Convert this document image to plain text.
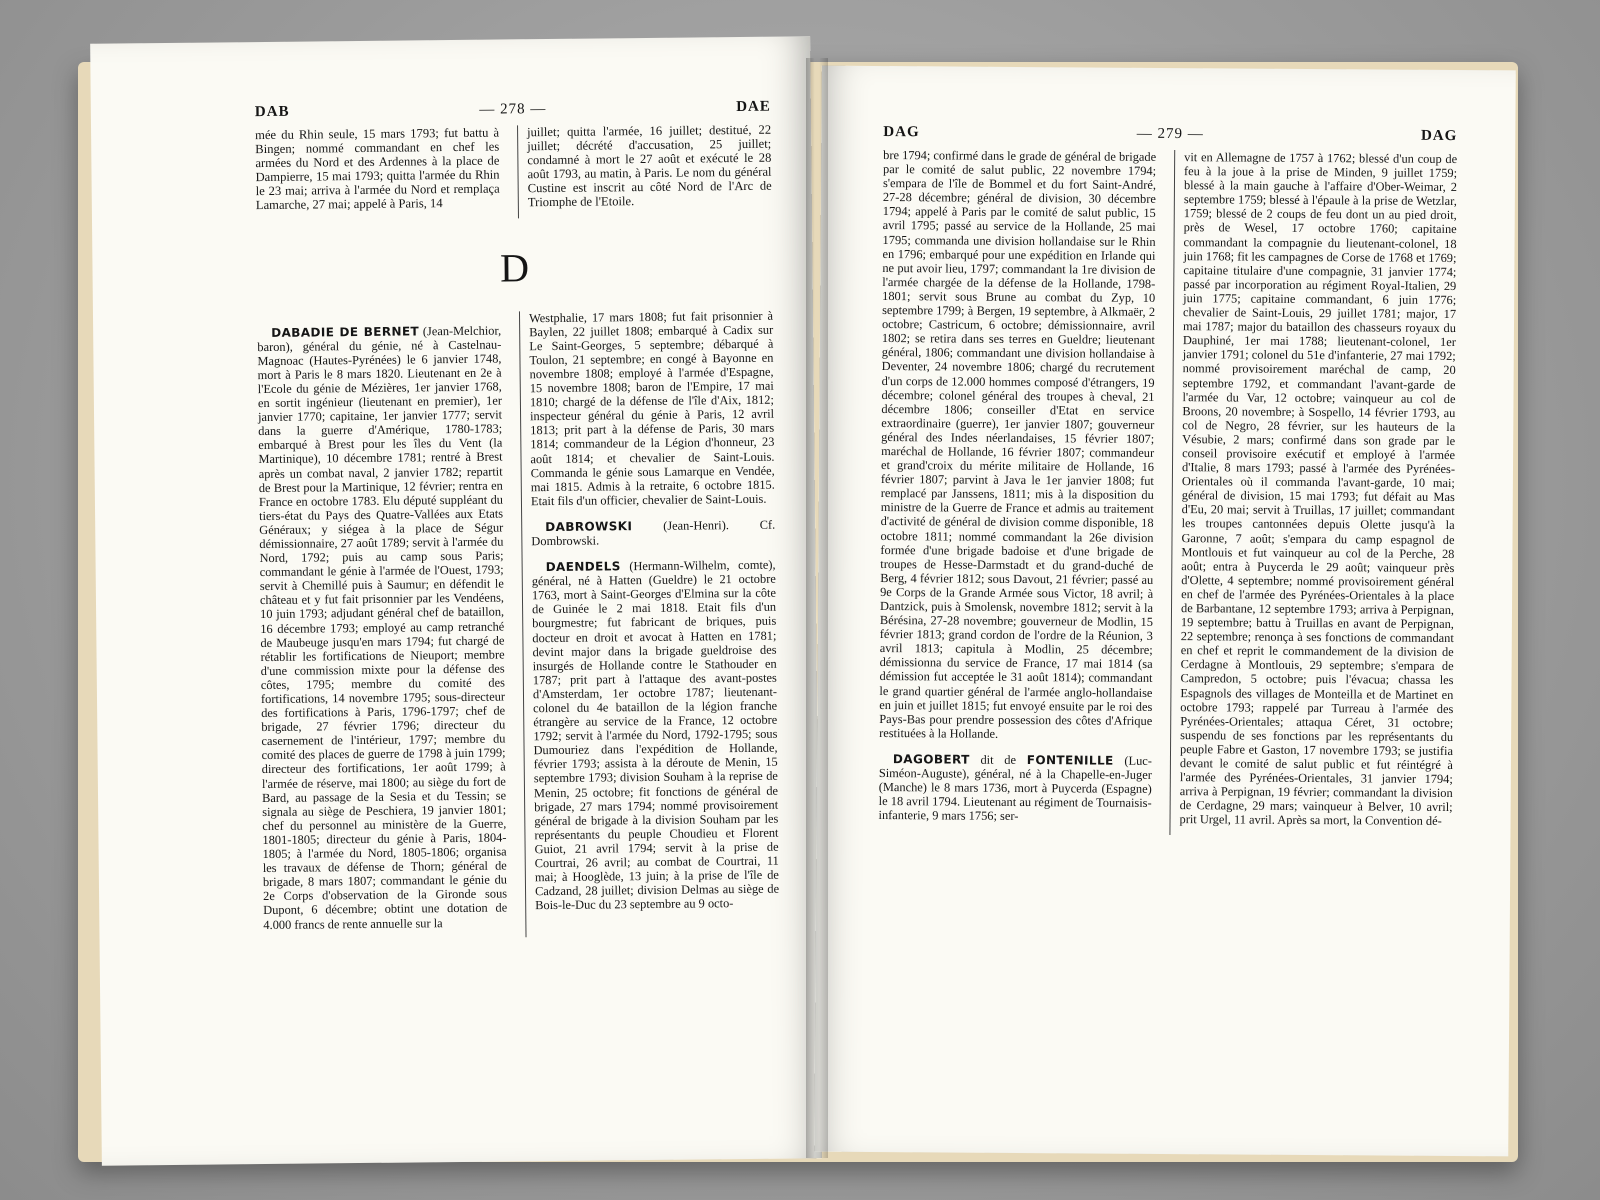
DAB	— 278 —	DAE

mée du Rhin seule, 15 mars 1793; fut battu à Bingen; nommé commandant en chef les armées du Nord et des Ardennes à la place de Dampierre, 15 mai 1793; quitta l'armée du Rhin le 23 mai; arriva à l'armée du Nord et remplaça Lamarche, 27 mai; appelé à Paris, 14

juillet; quitta l'armée, 16 juillet; destitué, 22 juillet; décrété d'accusation, 25 juillet; condamné à mort le 27 août et exécuté le 28 août 1793, au matin, à Paris. Le nom du général Custine est inscrit au côté Nord de l'Arc de Triomphe de l'Etoile.

D

DABADIE DE BERNET (Jean-Melchior, baron), général du génie, né à Castelnau-Magnoac (Hautes-Pyrénées) le 6 janvier 1748, mort à Paris le 8 mars 1820. Lieutenant en 2e à l'Ecole du génie de Mézières, 1er janvier 1768, en sortit ingénieur (lieutenant en premier), 1er janvier 1770; capitaine, 1er janvier 1777; servit dans la guerre d'Amérique, 1780-1783; embarqué à Brest pour les îles du Vent (la Martinique), 10 décembre 1781; rentré à Brest après un combat naval, 2 janvier 1782; repartit de Brest pour la Martinique, 12 février; rentra en France en octobre 1783. Elu député suppléant du tiers-état du Pays des Quatre-Vallées aux Etats Généraux; y siégea à la place de Ségur démissionnaire, 27 août 1789; servit à l'armée du Nord, 1792; puis au camp sous Paris; commandant le génie à l'armée de l'Ouest, 1793; servit à Chemillé puis à Saumur; en défendit le château et y fut fait prisonnier par les Vendéens, 10 juin 1793; adjudant général chef de bataillon, 16 décembre 1793; employé au camp retranché de Maubeuge jusqu'en mars 1794; fut chargé de rétablir les fortifications de Nieuport; membre d'une commission mixte pour la défense des côtes, 1795; membre du comité des fortifications, 14 novembre 1795; sous-directeur des fortifications à Paris, 1796-1797; chef de brigade, 27 février 1796; directeur du casernement de l'intérieur, 1797; membre du comité des places de guerre de 1798 à juin 1799; directeur des fortifications, 1er août 1799; à l'armée de réserve, mai 1800; au siège du fort de Bard, au passage de la Sesia et du Tessin; se signala au siège de Peschiera, 19 janvier 1801; chef du personnel au ministère de la Guerre, 1801-1805; directeur du génie à Paris, 1804-1805; à l'armée du Nord, 1805-1806; organisa les travaux de défense de Thorn; général de brigade, 8 mars 1807; commandant le génie du 2e Corps d'observation de la Gironde sous Dupont, 6 décembre; obtint une dotation de 4.000 francs de rente annuelle sur la

Westphalie, 17 mars 1808; fut fait prisonnier à Baylen, 22 juillet 1808; embarqué à Cadix sur Le Saint-Georges, 5 septembre; débarqué à Toulon, 21 septembre; en congé à Bayonne en novembre 1808; employé à l'armée d'Espagne, 15 novembre 1808; baron de l'Empire, 17 mai 1810; chargé de la défense de l'île d'Aix, 1812; inspecteur général du génie à Paris, 12 avril 1813; prit part à la défense de Paris, 30 mars 1814; commandeur de la Légion d'honneur, 23 août 1814; et chevalier de Saint-Louis. Commanda le génie sous Lamarque en Vendée, mai 1815. Admis à la retraite, 6 octobre 1815. Etait fils d'un officier, chevalier de Saint-Louis.

DABROWSKI (Jean-Henri). Cf. Dombrowski.

DAENDELS (Hermann-Wilhelm, comte), général, né à Hatten (Gueldre) le 21 octobre 1763, mort à Saint-Georges d'Elmina sur la côte de Guinée le 2 mai 1818. Etait fils d'un bourgmestre; fut fabricant de briques, puis docteur en droit et avocat à Hatten en 1781; devint major dans la brigade gueldroise des insurgés de Hollande contre le Stathouder en 1787; prit part à l'attaque des avant-postes d'Amsterdam, 1er octobre 1787; lieutenant-colonel du 4e bataillon de la légion franche étrangère au service de la France, 12 octobre 1792; servit à l'armée du Nord, 1792-1795; sous Dumouriez dans l'expédition de Hollande, février 1793; assista à la déroute de Menin, 15 septembre 1793; division Souham à la reprise de Menin, 25 octobre; fit fonctions de général de brigade, 27 mars 1794; nommé provisoirement général de brigade à la division Souham par les représentants du peuple Choudieu et Florent Guiot, 21 avril 1794; servit à la prise de Courtrai, 26 avril; au combat de Courtrai, 11 mai; à Hooglède, 13 juin; à la prise de l'île de Cadzand, 28 juillet; division Delmas au siège de Bois-le-Duc du 23 septembre au 9 octo-

DAG	— 279 —	DAG

bre 1794; confirmé dans le grade de général de brigade par le comité de salut public, 22 novembre 1794; s'empara de l'île de Bommel et du fort Saint-André, 27-28 décembre; général de division, 30 décembre 1794; appelé à Paris par le comité de salut public, 15 avril 1795; passé au service de la Hollande, 25 mai 1795; commanda une division hollandaise sur le Rhin en 1796; embarqué pour une expédition en Irlande qui ne put avoir lieu, 1797; commandant la 1re division de l'armée chargée de la défense de la Hollande, 1798-1801; servit sous Brune au combat du Zyp, 10 septembre 1799; à Bergen, 19 septembre, à Alkmaër, 2 octobre; Castricum, 6 octobre; démissionnaire, avril 1802; se retira dans ses terres en Gueldre; lieutenant général, 1806; commandant une division hollandaise à Deventer, 24 novembre 1806; chargé du recrutement d'un corps de 12.000 hommes composé d'étrangers, 19 décembre; colonel général des troupes à cheval, 21 décembre 1806; conseiller d'Etat en service extraordinaire (guerre), 1er janvier 1807; gouverneur général des Indes néerlandaises, 15 février 1807; maréchal de Hollande, 16 février 1807; commandeur et grand'croix du mérite militaire de Hollande, 16 février 1807; parvint à Java le 1er janvier 1808; fut remplacé par Janssens, 1811; mis à la disposition du ministre de la Guerre de France et admis au traitement d'activité de général de division comme disponible, 18 octobre 1811; nommé commandant la 26e division formée d'une brigade badoise et d'une brigade de troupes de Hesse-Darmstadt et du grand-duché de Berg, 4 février 1812; sous Davout, 21 février; passé au 9e Corps de la Grande Armée sous Victor, 18 avril; à Dantzick, puis à Smolensk, novembre 1812; servit à la Bérésina, 27-28 novembre; gouverneur de Modlin, 15 février 1813; grand cordon de l'ordre de la Réunion, 3 avril 1813; capitula à Modlin, 25 décembre; démissionna du service de France, 17 mai 1814 (sa démission fut acceptée le 31 août 1814); commandant le grand quartier général de l'armée anglo-hollandaise en juin et juillet 1815; fut envoyé ensuite par le roi des Pays-Bas pour prendre possession des côtes d'Afrique restituées à la Hollande.

DAGOBERT dit de FONTENILLE (Luc-Siméon-Auguste), général, né à la Chapelle-en-Juger (Manche) le 8 mars 1736, mort à Puycerda (Espagne) le 18 avril 1794. Lieutenant au régiment de Tournaisis-infanterie, 9 mars 1756; ser-

vit en Allemagne de 1757 à 1762; blessé d'un coup de feu à la joue à la prise de Minden, 9 juillet 1759; blessé à la main gauche à l'affaire d'Ober-Weimar, 2 septembre 1759; blessé à l'épaule à la prise de Wetzlar, 1759; blessé de 2 coups de feu dont un au pied droit, près de Wesel, 17 octobre 1760; capitaine commandant la compagnie du lieutenant-colonel, 18 juin 1768; fit les campagnes de Corse de 1768 et 1769; capitaine titulaire d'une compagnie, 31 janvier 1774; passé par incorporation au régiment Royal-Italien, 29 juin 1775; capitaine commandant, 6 juin 1776; chevalier de Saint-Louis, 29 juillet 1781; major, 17 mai 1787; major du bataillon des chasseurs royaux du Dauphiné, 1er mai 1788; lieutenant-colonel, 1er janvier 1791; colonel du 51e d'infanterie, 27 mai 1792; nommé provisoirement maréchal de camp, 20 septembre 1792, et commandant l'avant-garde de l'armée du Var, 12 octobre; vainqueur au col de Broons, 20 novembre; à Sospello, 14 février 1793, au col de Negro, 28 février, sur les hauteurs de la Vésubie, 2 mars; confirmé dans son grade par le conseil provisoire exécutif et employé à l'armée d'Italie, 8 mars 1793; passé à l'armée des Pyrénées-Orientales où il commanda l'avant-garde, 10 mai; général de division, 15 mai 1793; fut défait au Mas d'Eu, 20 mai; servit à Truillas, 17 juillet; commandant les troupes cantonnées depuis Olette jusqu'à la Garonne, 7 août; s'empara du camp espagnol de Montlouis et fut vainqueur au col de la Perche, 28 août; entra à Puycerda le 29 août; vainqueur près d'Olette, 4 septembre; nommé provisoirement général en chef de l'armée des Pyrénées-Orientales à la place de Barbantane, 12 septembre 1793; arriva à Perpignan, 19 septembre; battu à Truillas en avant de Perpignan, 22 septembre; renonça à ses fonctions de commandant en chef et reprit le commandement de la division de Cerdagne à Montlouis, 29 septembre; s'empara de Campredon, 5 octobre; puis l'évacua; chassa les Espagnols des villages de Monteilla et de Martinet en octobre 1793; rappelé par Turreau à l'armée des Pyrénées-Orientales; attaqua Céret, 31 octobre; suspendu de ses fonctions par les représentants du peuple Fabre et Gaston, 17 novembre 1793; se justifia devant le comité de salut public et fut réintégré à l'armée des Pyrénées-Orientales, 31 janvier 1794; arriva à Perpignan, 19 février; commandant la division de Cerdagne, 29 mars; vainqueur à Belver, 10 avril; prit Urgel, 11 avril. Après sa mort, la Convention dé-
